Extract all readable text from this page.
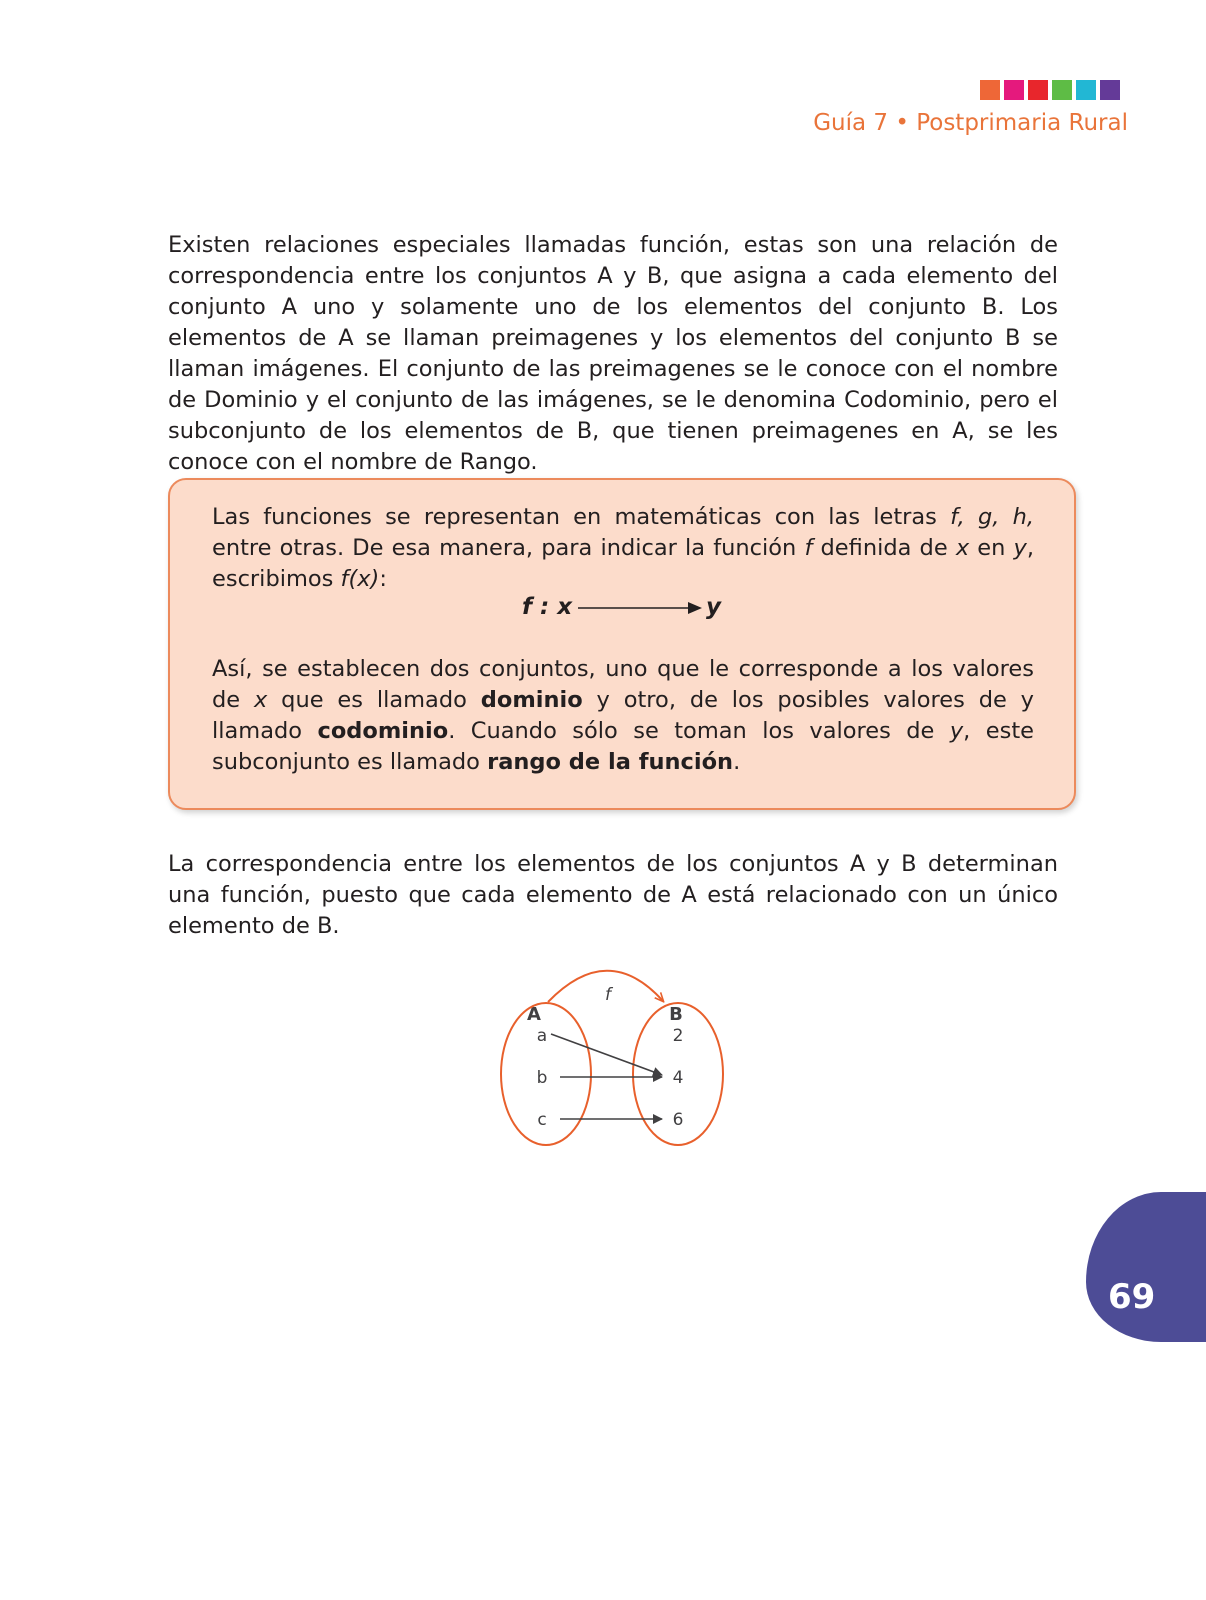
Guía 7 • Postprimaria Rural

Existen relaciones especiales llamadas función, estas son una relación de correspondencia entre los conjuntos A y B, que asigna a cada elemento del conjunto A uno y solamente uno de los elementos del conjunto B. Los elementos de A se llaman preimagenes y los elementos del conjunto B se llaman imágenes. El conjunto de las preimagenes se le conoce con el nombre de Dominio y el conjunto de las imágenes, se le denomina Codominio, pero el subconjunto de los elementos de B, que tienen preimagenes en A, se les conoce con el nombre de Rango.

Las funciones se representan en matemáticas con las letras f, g, h, entre otras. De esa manera, para indicar la función f definida de x en y, escribimos f(x):

f : x	y

Así, se establecen dos conjuntos, uno que le corresponde a los valores de x que es llamado dominio y otro, de los posibles valores de y llamado codominio. Cuando sólo se toman los valores de y, este subconjunto es llamado rango de la función.

La correspondencia entre los elementos de los conjuntos A y B determinan una función, puesto que cada elemento de A está relacionado con un único elemento de B.

A	B
f
a
b
c
2
4
6
69
